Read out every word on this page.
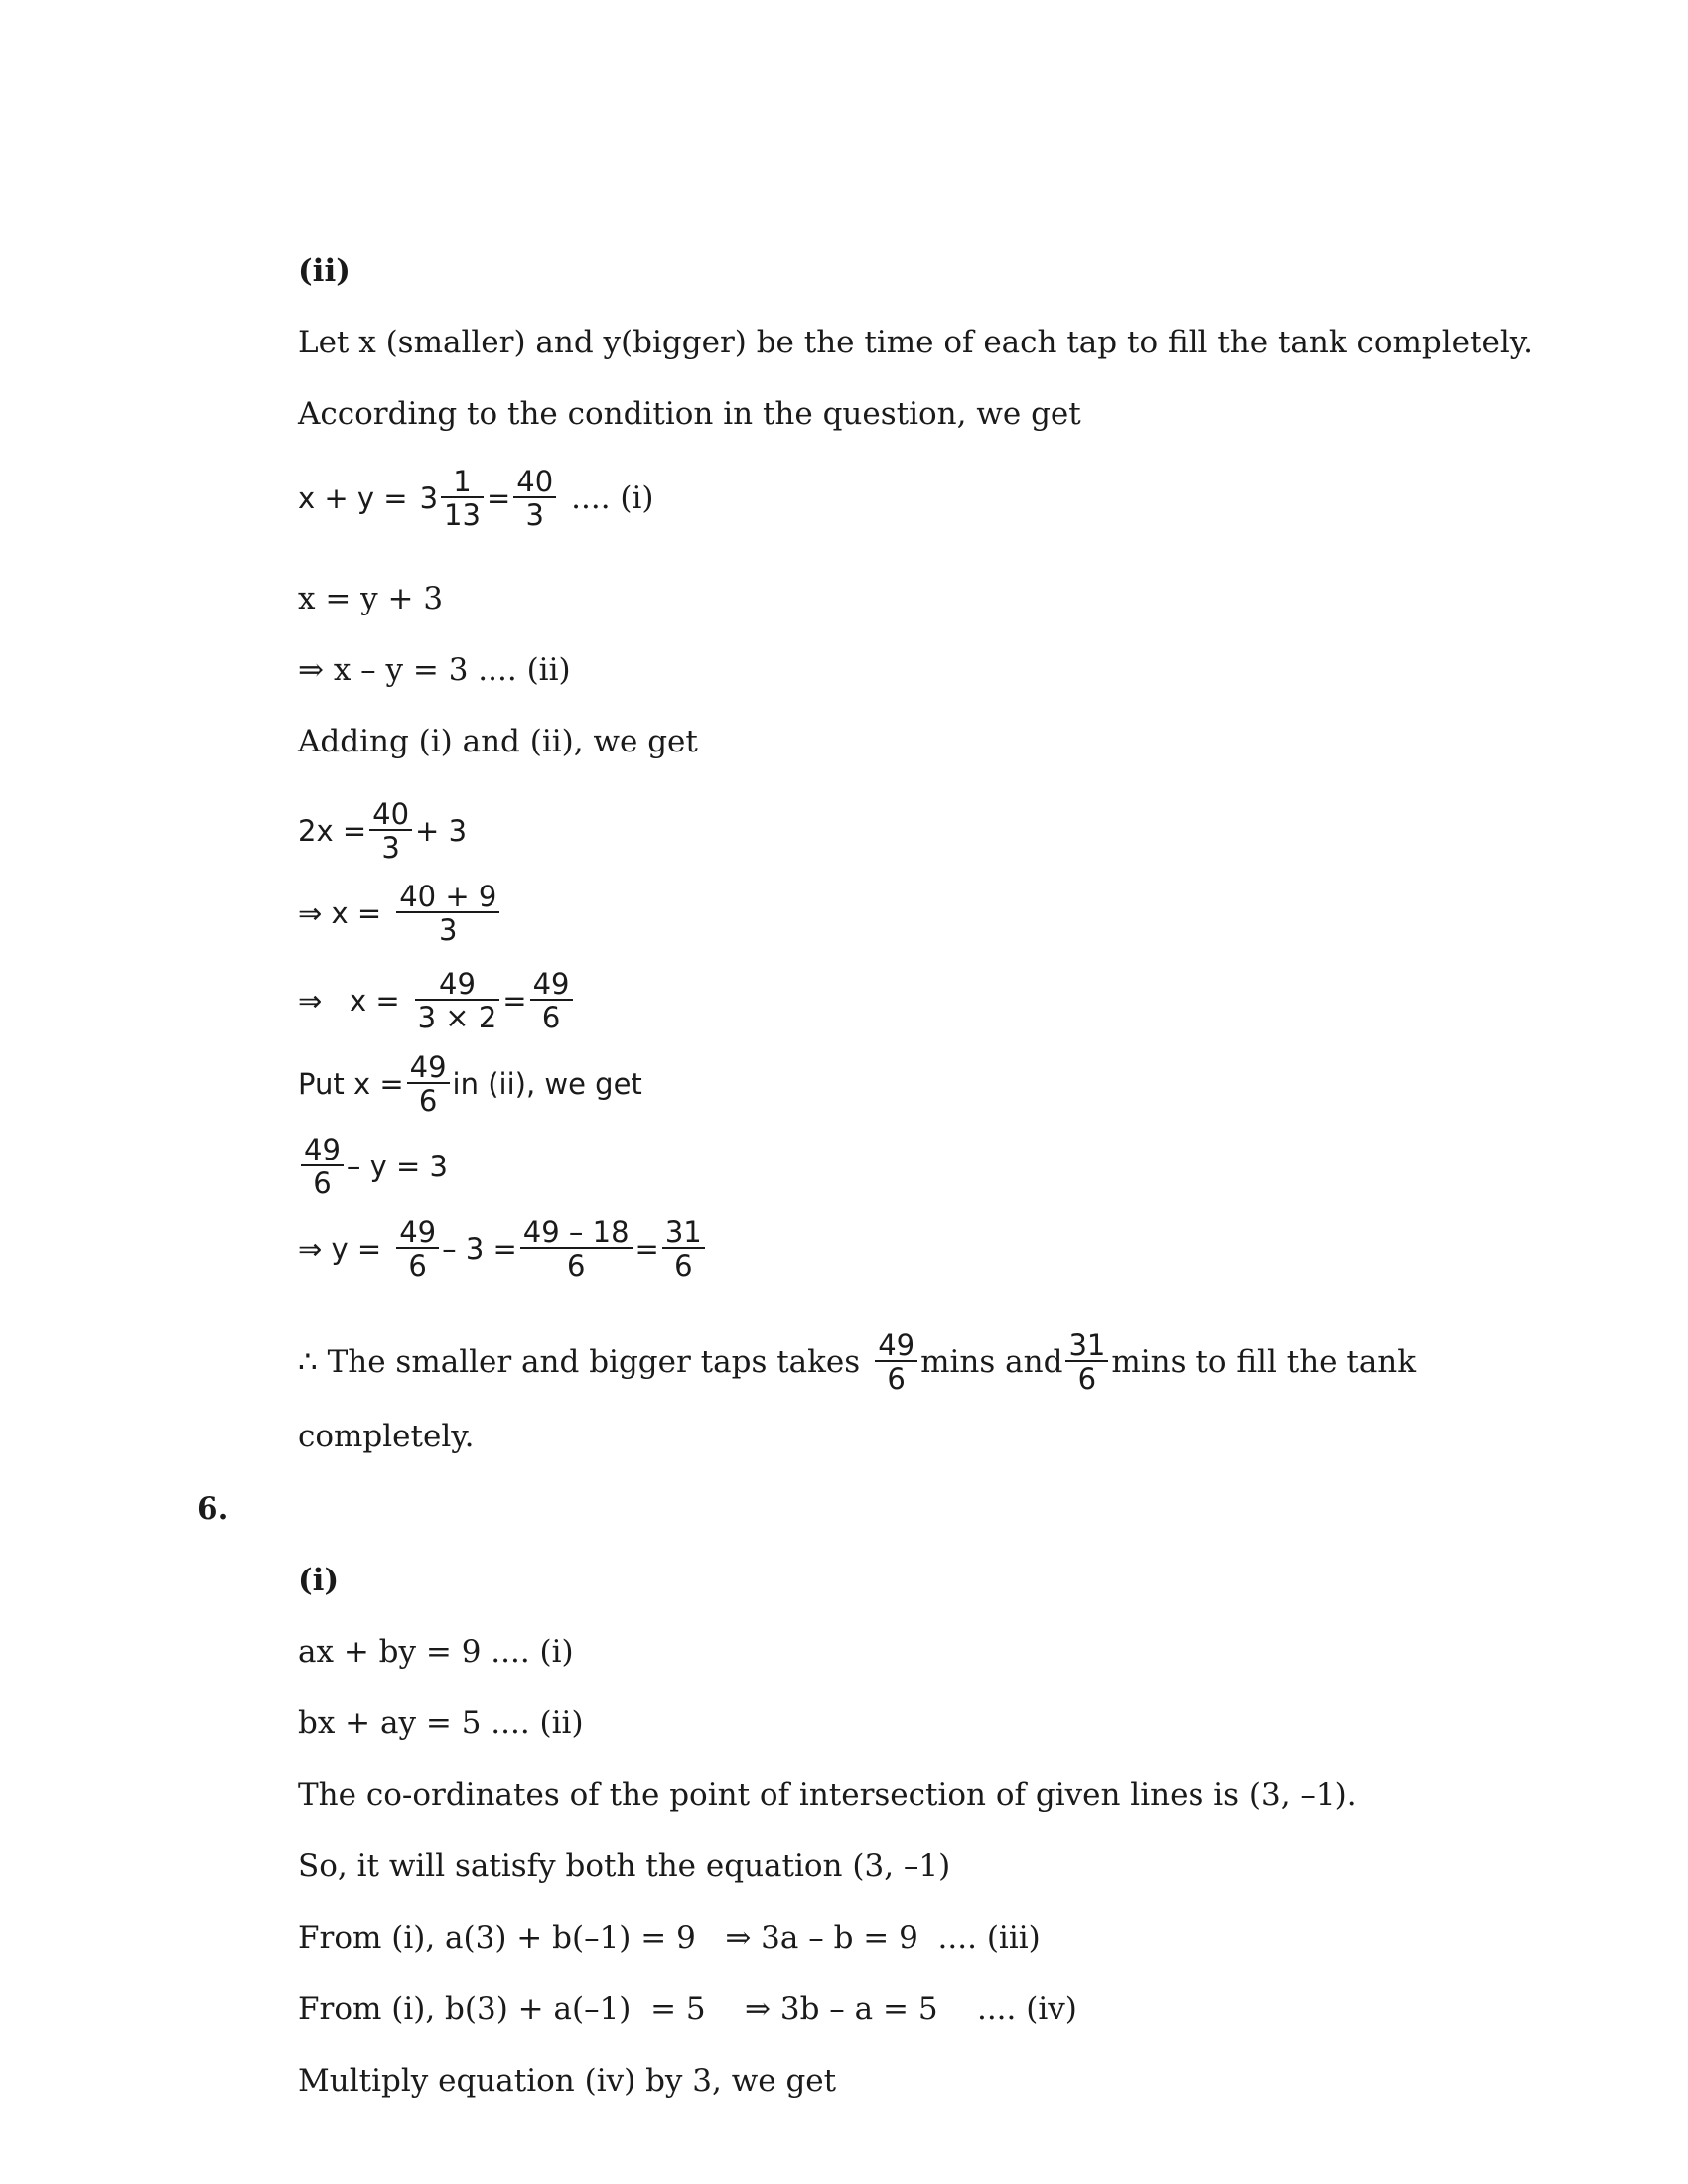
(ii)
Let x (smaller) and y(bigger) be the time of each tap to fill the tank completely.
According to the condition in the question, we get
$x + y = 3 \frac{1}{13} = \frac{40}{3}$ .... (i)
x = y + 3
⇒ x – y = 3 .... (ii)
Adding (i) and (ii), we get
$2x = \frac{40}{3} + 3$
⇒ $x = \frac{40 + 9}{3}$
⇒   $x = \frac{49}{3 \times 2} = \frac{49}{6}$
Put $x = \frac{49}{6}$ in (ii), we get
$\frac{49}{6} - y = 3$
⇒ $y = \frac{49}{6} - 3 = \frac{49 - 18}{6} = \frac{31}{6}$
∴ The smaller and bigger taps takes $\frac{49}{6}$ mins and $\frac{31}{6}$ mins to fill the tank
completely.
6.
(i)
ax + by = 9 .... (i)
bx + ay = 5 .... (ii)
The co-ordinates of the point of intersection of given lines is (3, –1).
So, it will satisfy both the equation (3, –1)
From (i), a(3) + b(–1) = 9   ⇒ 3a – b = 9  .... (iii)
From (i), b(3) + a(–1)  = 5    ⇒ 3b – a = 5    .... (iv)
Multiply equation (iv) by 3, we get
